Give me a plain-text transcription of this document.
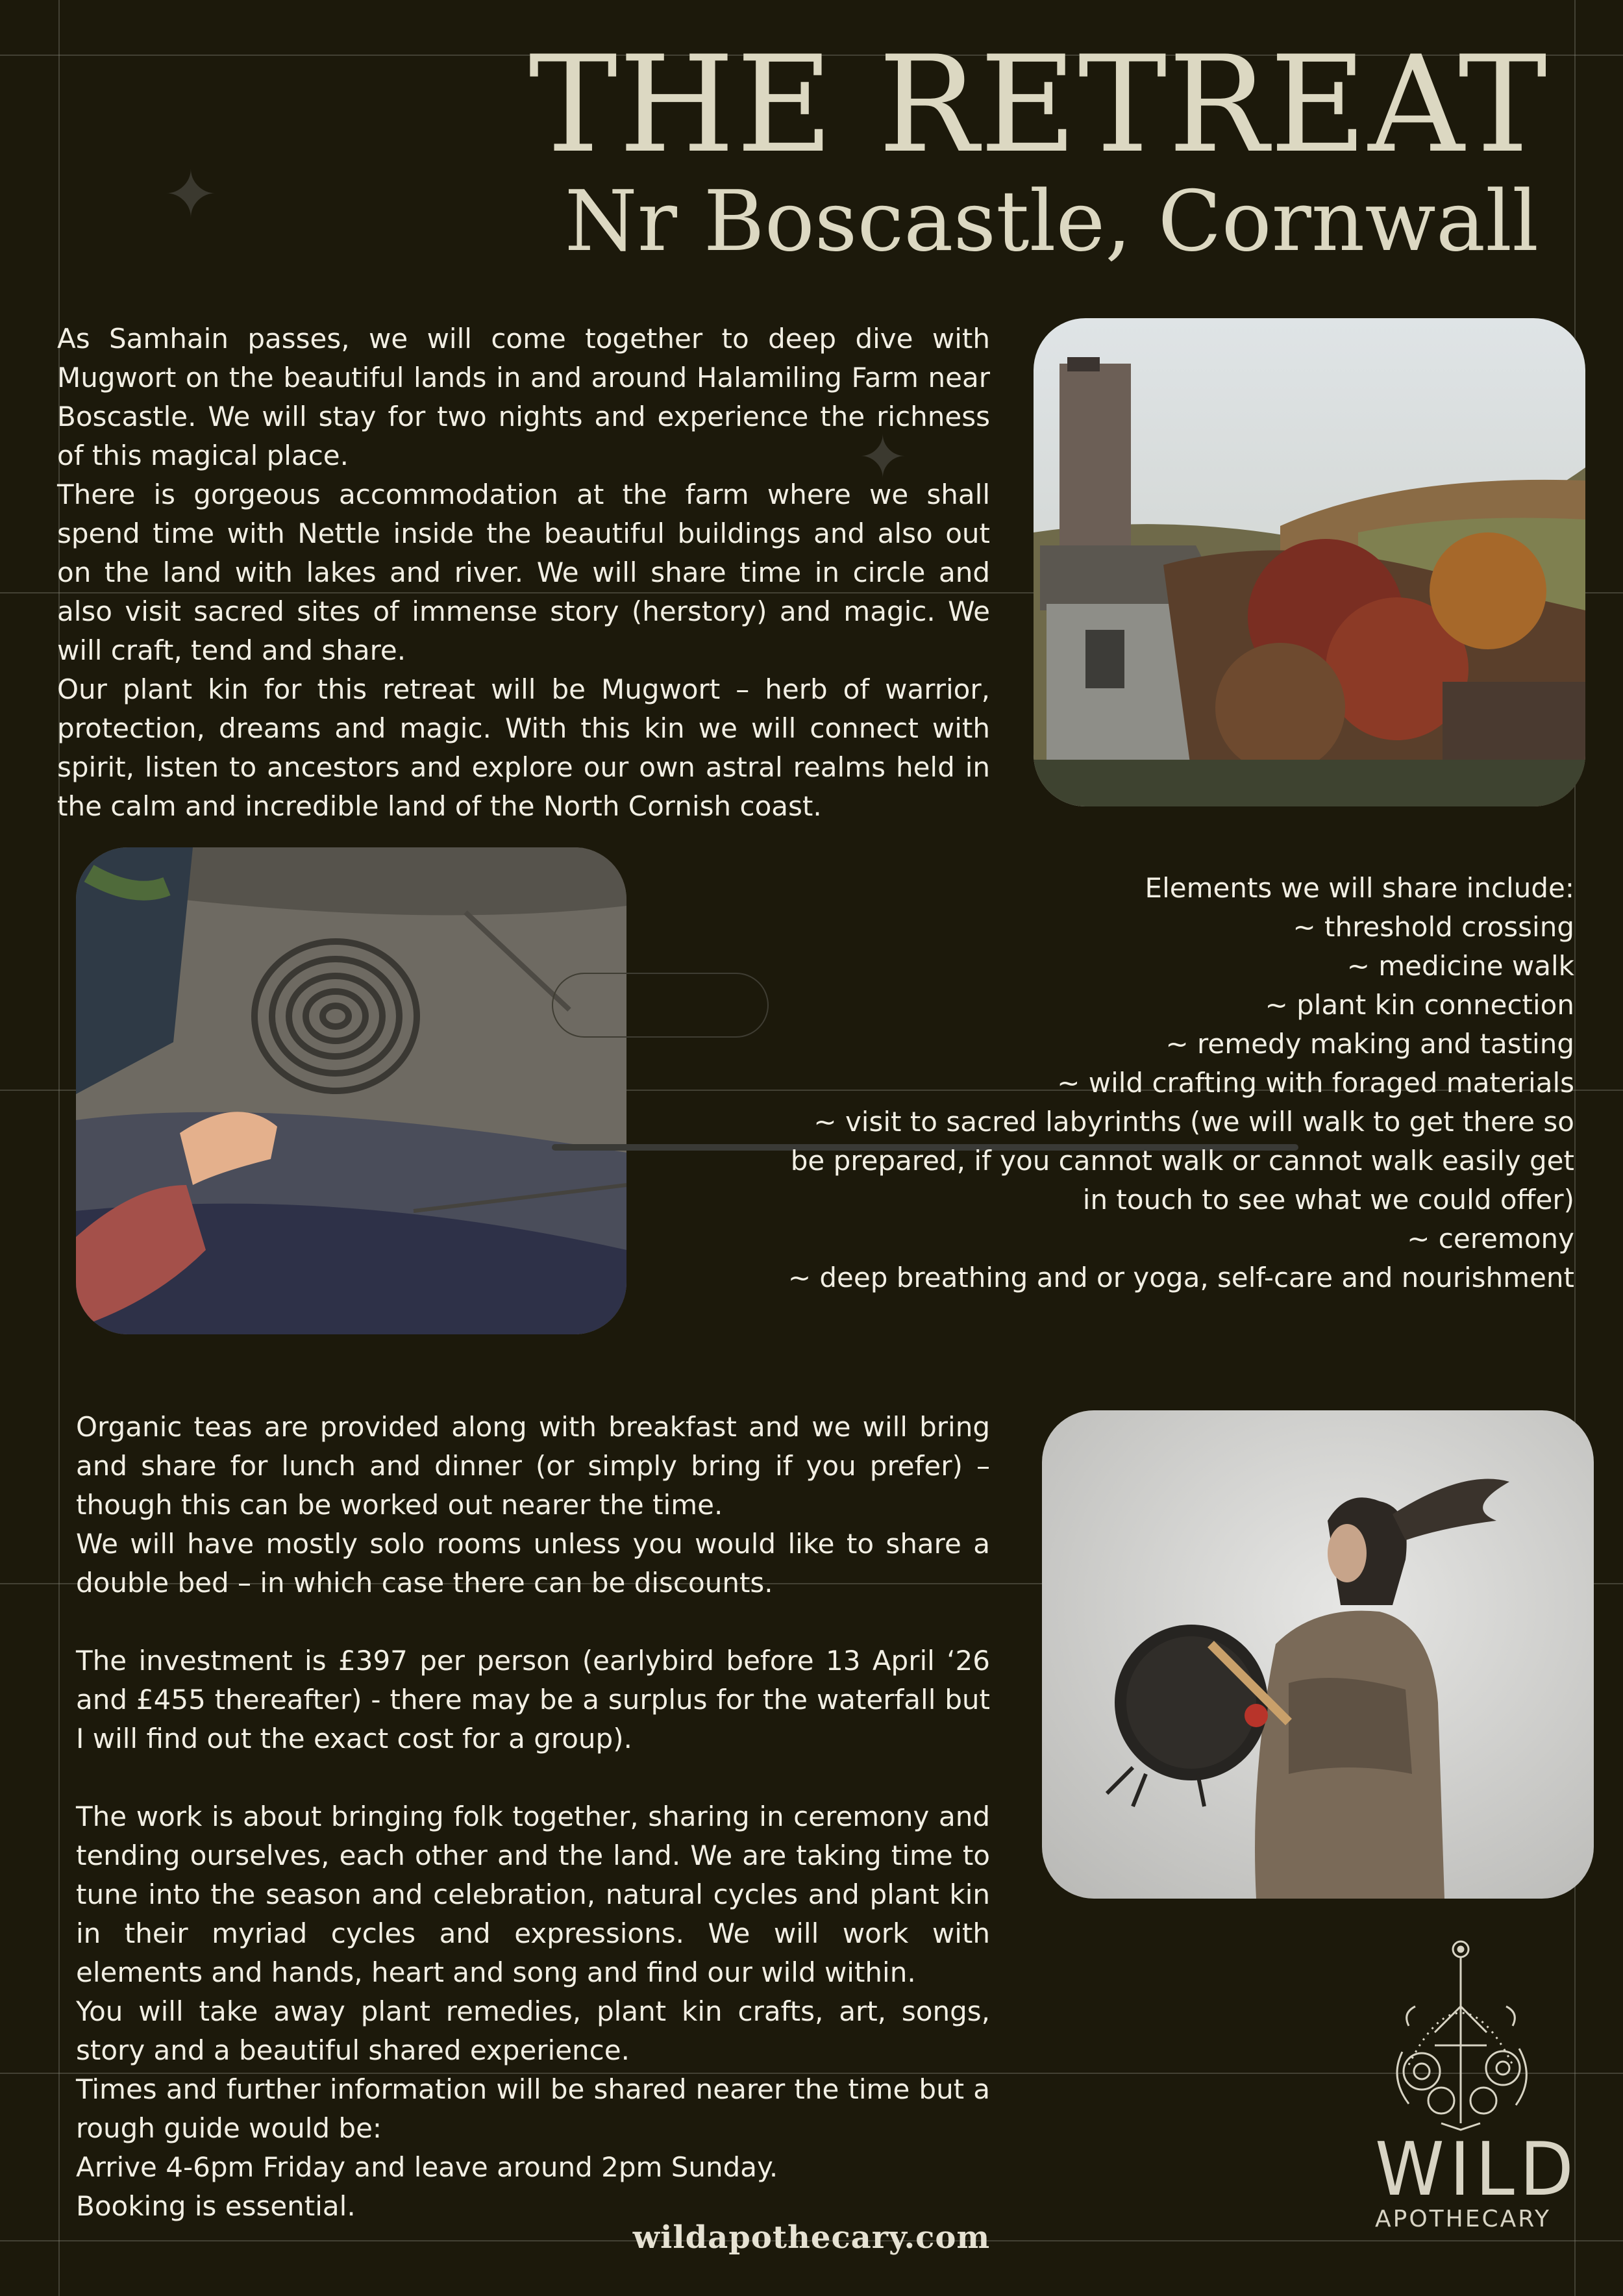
✦
✦
THE RETREAT
Nr Boscastle, Cornwall

As Samhain passes, we will come together to deep dive with Mugwort on the beautiful lands in and around Halamiling Farm near Boscastle. We will stay for two nights and experience the richness of this magical place.

There is gorgeous accommodation at the farm where we shall spend time with Nettle inside the beautiful buildings and also out on the land with lakes and river. We will share time in circle and also visit sacred sites of immense story (herstory) and magic. We will craft, tend and share.

Our plant kin for this retreat will be Mugwort – herb of warrior, protection, dreams and magic. With this kin we will connect with spirit, listen to ancestors and explore our own astral realms held in the calm and incredible land of the North Cornish coast.

Elements we will share include:
~ threshold crossing
~ medicine walk
~ plant kin connection
~ remedy making and tasting
~ wild crafting with foraged materials
~ visit to sacred labyrinths (we will walk to get there so be prepared, if you cannot walk or cannot walk easily get in touch to see what we could offer)
~ ceremony
~ deep breathing and or yoga, self-care and nourishment

Organic teas are provided along with breakfast and we will bring and share for lunch and dinner (or simply bring if you prefer) – though this can be worked out nearer the time.

We will have mostly solo rooms unless you would like to share a double bed – in which case there can be discounts.

The investment is £397 per person (earlybird before 13 April ‘26 and £455 thereafter) - there may be a surplus for the waterfall but I will find out the exact cost for a group).

The work is about bringing folk together, sharing in ceremony and tending ourselves, each other and the land. We are taking time to tune into the season and celebration, natural cycles and plant kin in their myriad cycles and expressions. We will work with elements and hands, heart and song and find our wild within.

You will take away plant remedies, plant kin crafts, art, songs, story and a beautiful shared experience.

Times and further information will be shared nearer the time but a rough guide would be:

Arrive 4-6pm Friday and leave around 2pm Sunday.

Booking is essential.	WILD
APOTHECARY
wildapothecary.com
